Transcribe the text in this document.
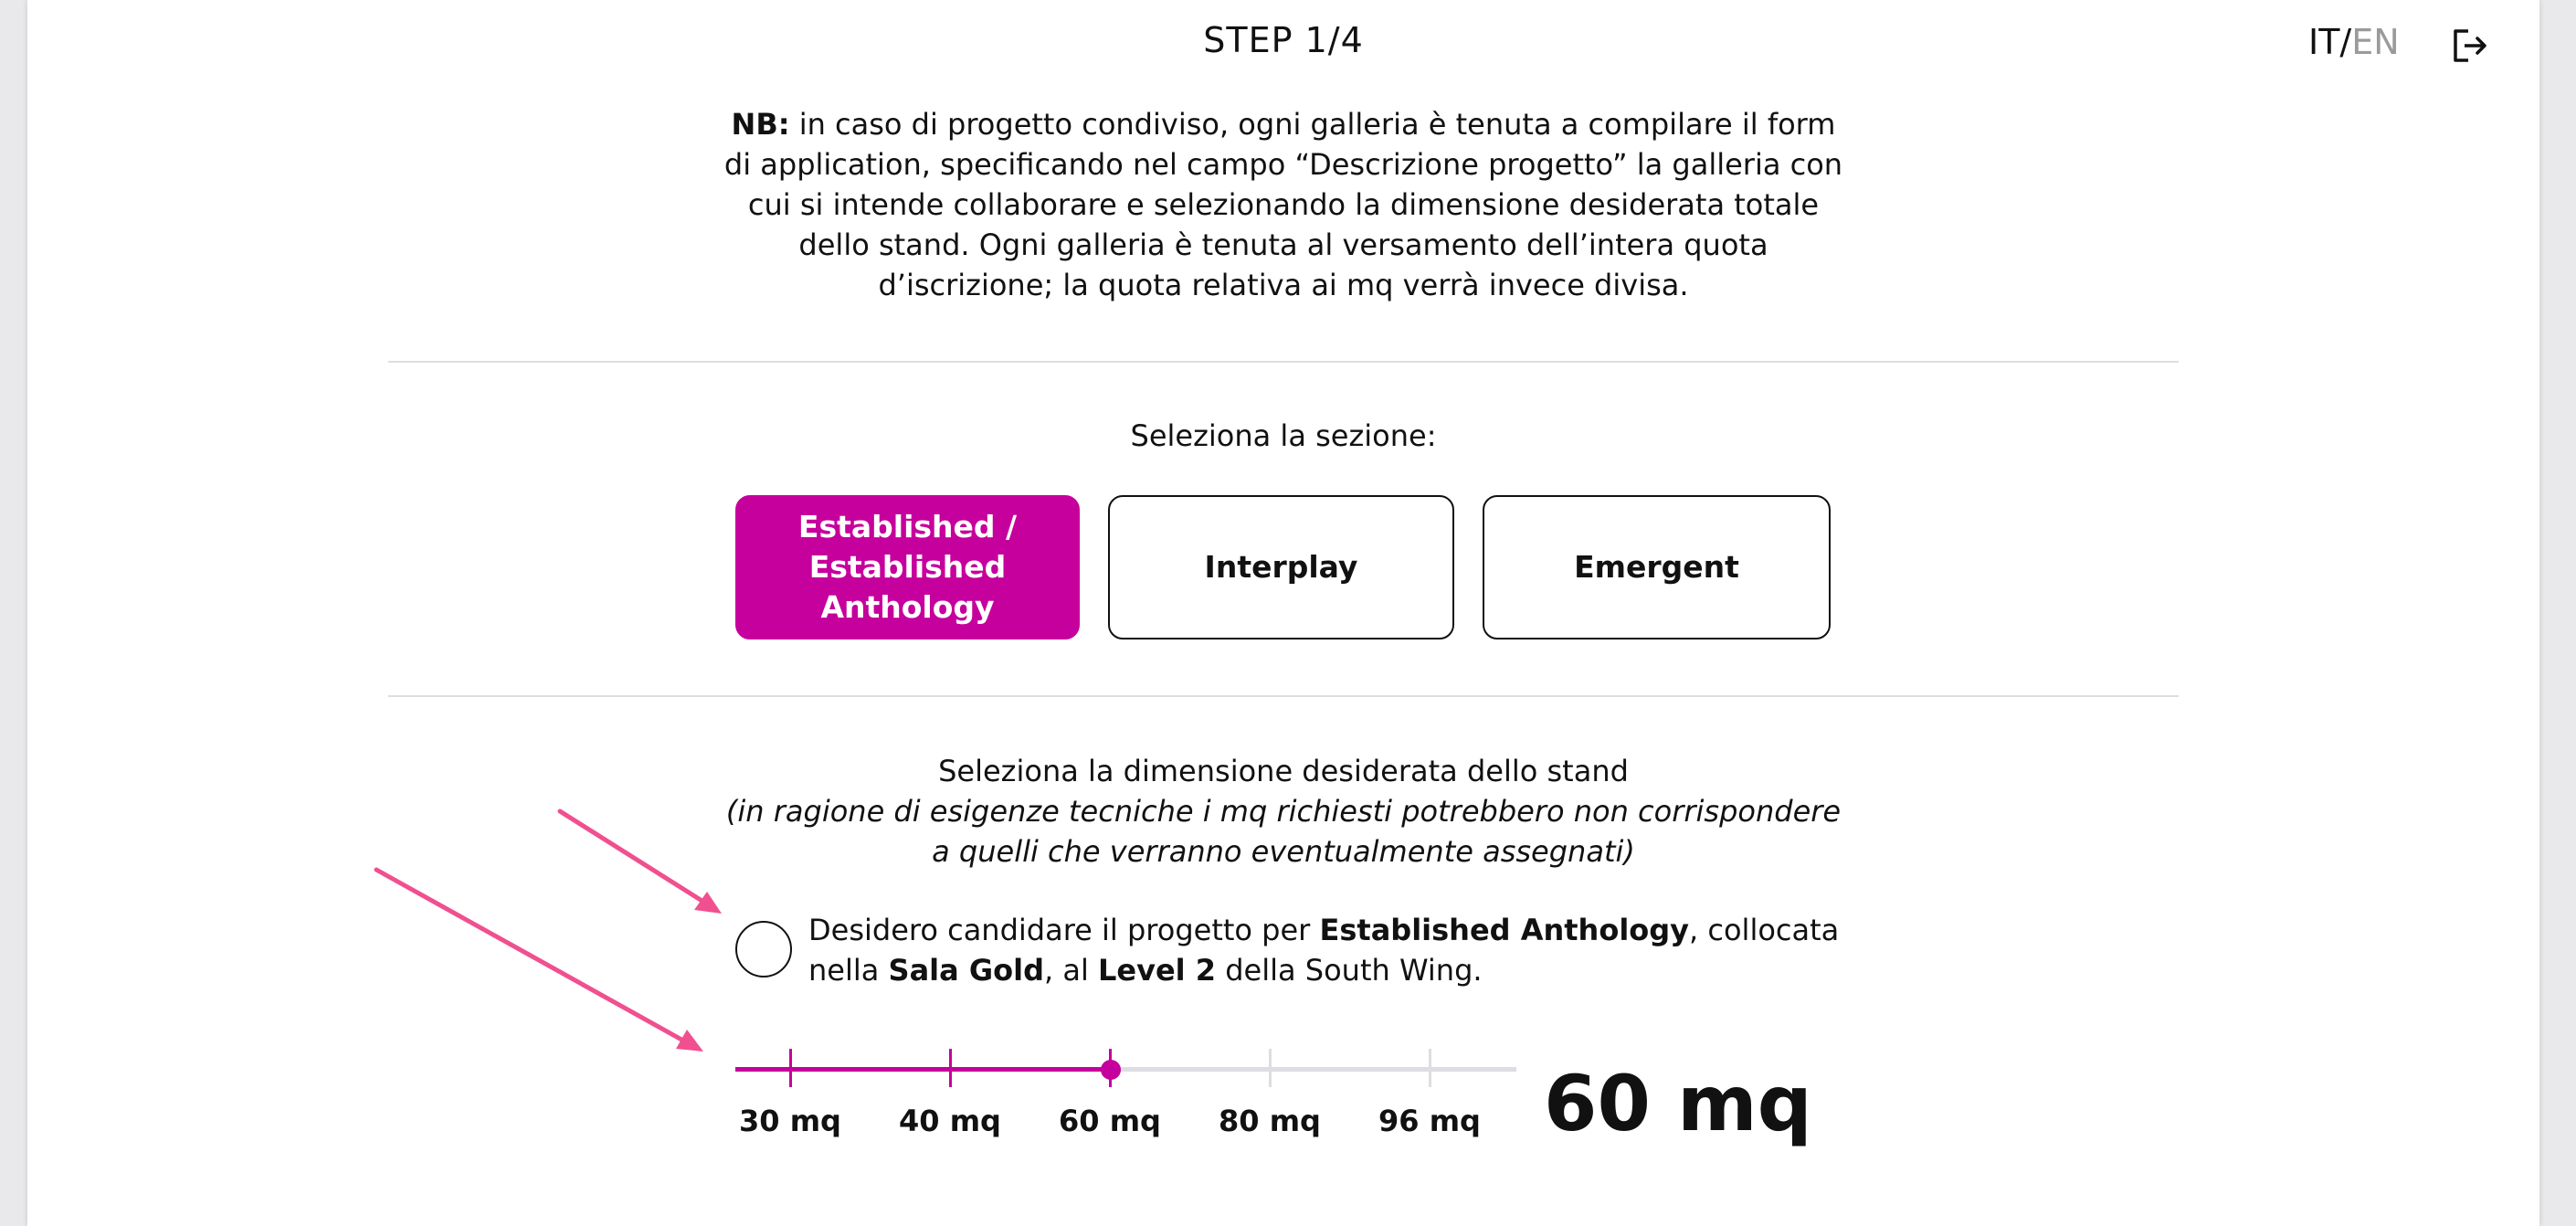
STEP 1/4	IT/EN
NB: in caso di progetto condiviso, ogni galleria è tenuta a compilare il form di application, specificando nel campo “Descrizione progetto” la galleria con cui si intende collaborare e selezionando la dimensione desiderata totale dello stand. Ogni galleria è tenuta al versamento dell’intera quota d’iscrizione; la quota relativa ai mq verrà invece divisa.
Seleziona la sezione:
Established / Established Anthology
Interplay	Emergent
Seleziona la dimensione desiderata dello stand
(in ragione di esigenze tecniche i mq richiesti potrebbero non corrispondere a quelli che verranno eventualmente assegnati)
Desidero candidare il progetto per Established Anthology, collocata nella Sala Gold, al Level 2 della South Wing.
30 mq	40 mq	60 mq	80 mq	96 mq 60 mq
